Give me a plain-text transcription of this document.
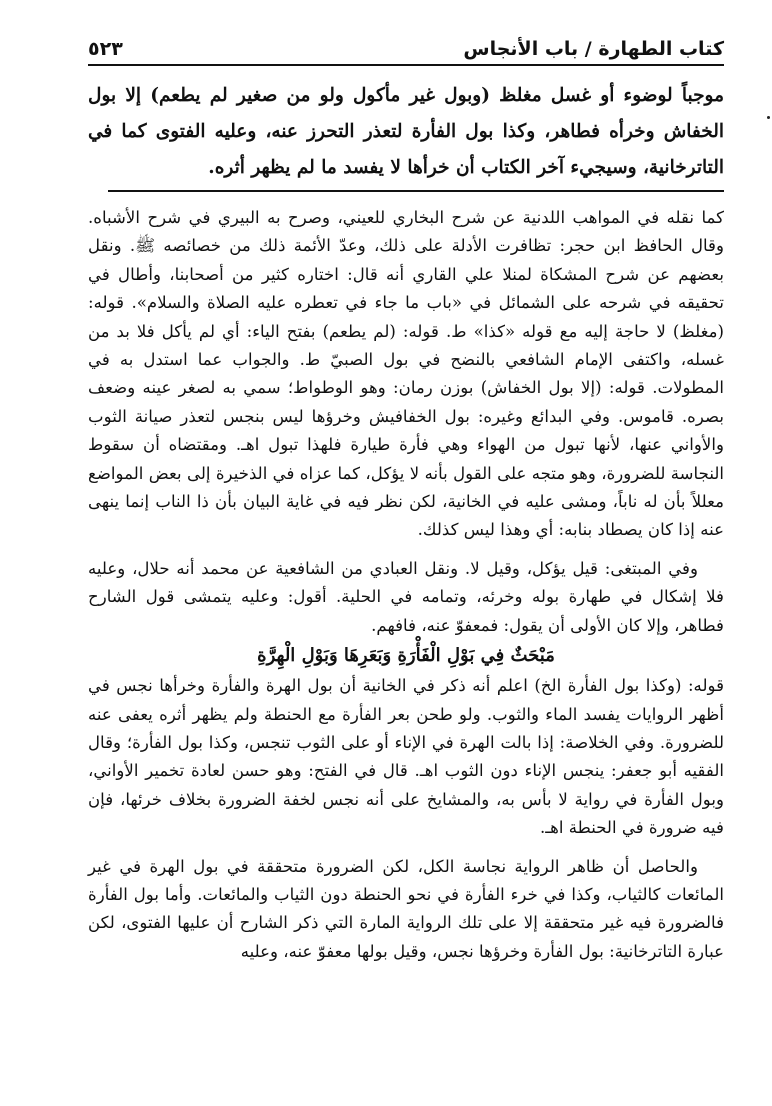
كتاب الطهارة / باب الأنجاس
٥٢٣

موجباً لوضوء أو غسل مغلظ (وبول غير مأكول ولو من صغير لم يطعم) إلا بول الخفاش وخرأه فطاهر، وكذا بول الفأرة لتعذر التحرز عنه، وعليه الفتوى كما في التاترخانية، وسيجيء آخر الكتاب أن خرأها لا يفسد ما لم يظهر أثره.

كما نقله في المواهب اللدنية عن شرح البخاري للعيني، وصرح به البيري في شرح الأشباه. وقال الحافظ ابن حجر: تظافرت الأدلة على ذلك، وعدّ الأئمة ذلك من خصائصه ﷺ. ونقل بعضهم عن شرح المشكاة لمنلا علي القاري أنه قال: اختاره كثير من أصحابنا، وأطال في تحقيقه في شرحه على الشمائل في «باب ما جاء في تعطره عليه الصلاة والسلام». قوله: (مغلظ) لا حاجة إليه مع قوله «كذا» ط. قوله: (لم يطعم) بفتح الياء: أي لم يأكل فلا بد من غسله، واكتفى الإمام الشافعي بالنضح في بول الصبيّ ط. والجواب عما استدل به في المطولات. قوله: (إلا بول الخفاش) بوزن رمان: وهو الوطواط؛ سمي به لصغر عينه وضعف بصره. قاموس. وفي البدائع وغيره: بول الخفافيش وخرؤها ليس بنجس لتعذر صيانة الثوب والأواني عنها، لأنها تبول من الهواء وهي فأرة طيارة فلهذا تبول اهـ. ومقتضاه أن سقوط النجاسة للضرورة، وهو متجه على القول بأنه لا يؤكل، كما عزاه في الذخيرة إلى بعض المواضع معللاً بأن له ناباً، ومشى عليه في الخانية، لكن نظر فيه في غاية البيان بأن ذا الناب إنما ينهى عنه إذا كان يصطاد بنابه: أي وهذا ليس كذلك.

وفي المبتغى: قيل يؤكل، وقيل لا. ونقل العبادي من الشافعية عن محمد أنه حلال، وعليه فلا إشكال في طهارة بوله وخرئه، وتمامه في الحلية. أقول: وعليه يتمشى قول الشارح فطاهر، وإلا كان الأولى أن يقول: فمعفوّ عنه، فافهم.

مَبْحَثٌ فِي بَوْلِ الْفَأْرَةِ وَبَعَرِهَا وَبَوْلِ الْهِرَّةِ

قوله: (وكذا بول الفأرة الخ) اعلم أنه ذكر في الخانية أن بول الهرة والفأرة وخرأها نجس في أظهر الروايات يفسد الماء والثوب. ولو طحن بعر الفأرة مع الحنطة ولم يظهر أثره يعفى عنه للضرورة. وفي الخلاصة: إذا بالت الهرة في الإناء أو على الثوب تنجس، وكذا بول الفأرة؛ وقال الفقيه أبو جعفر: ينجس الإناء دون الثوب اهـ. قال في الفتح: وهو حسن لعادة تخمير الأواني، وبول الفأرة في رواية لا بأس به، والمشايخ على أنه نجس لخفة الضرورة بخلاف خرئها، فإن فيه ضرورة في الحنطة اهـ.

والحاصل أن ظاهر الرواية نجاسة الكل، لكن الضرورة متحققة في بول الهرة في غير المائعات كالثياب، وكذا في خرء الفأرة في نحو الحنطة دون الثياب والمائعات. وأما بول الفأرة فالضرورة فيه غير متحققة إلا على تلك الرواية المارة التي ذكر الشارح أن عليها الفتوى، لكن عبارة التاترخانية: بول الفأرة وخرؤها نجس، وقيل بولها معفوّ عنه، وعليه
